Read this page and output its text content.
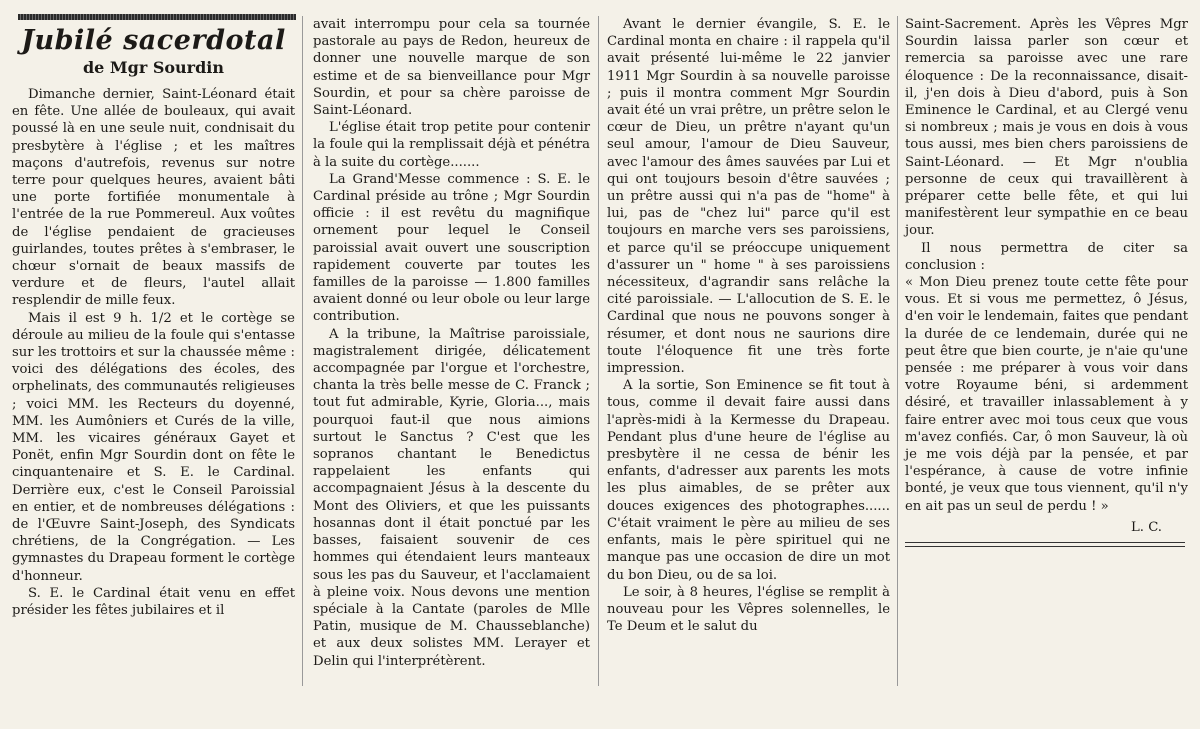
Jubilé sacerdotal
de Mgr Sourdin

Dimanche dernier, Saint-Léonard était en fête. Une allée de bouleaux, qui avait poussé là en une seule nuit, condnisait du presbytère à l'église ; et les maîtres maçons d'autrefois, revenus sur notre terre pour quelques heures, avaient bâti une porte fortifiée monumentale à l'entrée de la rue Pommereul. Aux voûtes de l'église pendaient de gracieuses guirlandes, toutes prêtes à s'embraser, le chœur s'ornait de beaux massifs de verdure et de fleurs, l'autel allait resplendir de mille feux.

Mais il est 9 h. 1/2 et le cortège se déroule au milieu de la foule qui s'entasse sur les trottoirs et sur la chaussée même : voici des délégations des écoles, des orphelinats, des communautés religieuses ; voici MM. les Recteurs du doyenné, MM. les Aumôniers et Curés de la ville, MM. les vicaires généraux Gayet et Ponët, enfin Mgr Sourdin dont on fête le cinquantenaire et S. E. le Cardinal. Derrière eux, c'est le Conseil Paroissial en entier, et de nombreuses délégations : de l'Œuvre Saint-Joseph, des Syndicats chrétiens, de la Congrégation. — Les gymnastes du Drapeau forment le cortège d'honneur.

S. E. le Cardinal était venu en effet présider les fêtes jubilaires et il

avait interrompu pour cela sa tournée pastorale au pays de Redon, heureux de donner une nouvelle marque de son estime et de sa bienveillance pour Mgr Sourdin, et pour sa chère paroisse de Saint-Léonard.

L'église était trop petite pour contenir la foule qui la remplissait déjà et pénétra à la suite du cortège.......

La Grand'Messe commence : S. E. le Cardinal préside au trône ; Mgr Sourdin officie : il est revêtu du magnifique ornement pour lequel le Conseil paroissial avait ouvert une souscription rapidement couverte par toutes les familles de la paroisse — 1.800 familles avaient donné ou leur obole ou leur large contribution.

A la tribune, la Maîtrise paroissiale, magistralement dirigée, délicatement accompagnée par l'orgue et l'orchestre, chanta la très belle messe de C. Franck ; tout fut admirable, Kyrie, Gloria..., mais pourquoi faut-il que nous aimions surtout le Sanctus ? C'est que les sopranos chantant le Benedictus rappelaient les enfants qui accompagnaient Jésus à la descente du Mont des Oliviers, et que les puissants hosannas dont il était ponctué par les basses, faisaient souvenir de ces hommes qui étendaient leurs manteaux sous les pas du Sauveur, et l'acclamaient à pleine voix. Nous devons une mention spéciale à la Cantate (paroles de Mlle Patin, musique de M. Chausseblanche) et aux deux solistes MM. Lerayer et Delin qui l'interprétèrent.

Avant le dernier évangile, S. E. le Cardinal monta en chaire : il rappela qu'il avait présenté lui-même le 22 janvier 1911 Mgr Sourdin à sa nouvelle paroisse ; puis il montra comment Mgr Sourdin avait été un vrai prêtre, un prêtre selon le cœur de Dieu, un prêtre n'ayant qu'un seul amour, l'amour de Dieu Sauveur, avec l'amour des âmes sauvées par Lui et qui ont toujours besoin d'être sauvées ; un prêtre aussi qui n'a pas de "home" à lui, pas de "chez lui" parce qu'il est toujours en marche vers ses paroissiens, et parce qu'il se préoccupe uniquement d'assurer un " home " à ses paroissiens nécessiteux, d'agrandir sans relâche la cité paroissiale. — L'allocution de S. E. le Cardinal que nous ne pouvons songer à résumer, et dont nous ne saurions dire toute l'éloquence fit une très forte impression.

A la sortie, Son Eminence se fit tout à tous, comme il devait faire aussi dans l'après-midi à la Kermesse du Drapeau. Pendant plus d'une heure de l'église au presbytère il ne cessa de bénir les enfants, d'adresser aux parents les mots les plus aimables, de se prêter aux douces exigences des photographes...... C'était vraiment le père au milieu de ses enfants, mais le père spirituel qui ne manque pas une occasion de dire un mot du bon Dieu, ou de sa loi.

Le soir, à 8 heures, l'église se remplit à nouveau pour les Vêpres solennelles, le Te Deum et le salut du

Saint-Sacrement. Après les Vêpres Mgr Sourdin laissa parler son cœur et remercia sa paroisse avec une rare éloquence : De la reconnaissance, disait-il, j'en dois à Dieu d'abord, puis à Son Eminence le Cardinal, et au Clergé venu si nombreux ; mais je vous en dois à vous tous aussi, mes bien chers paroissiens de Saint-Léonard. — Et Mgr n'oublia personne de ceux qui travaillèrent à préparer cette belle fête, et qui lui manifestèrent leur sympathie en ce beau jour.

Il nous permettra de citer sa conclusion :

« Mon Dieu prenez toute cette fête pour vous. Et si vous me permettez, ô Jésus, d'en voir le lendemain, faites que pendant la durée de ce lendemain, durée qui ne peut être que bien courte, je n'aie qu'une pensée : me préparer à vous voir dans votre Royaume béni, si ardemment désiré, et travailler inlassablement à y faire entrer avec moi tous ceux que vous m'avez confiés. Car, ô mon Sauveur, là où je me vois déjà par la pensée, et par l'espérance, à cause de votre infinie bonté, je veux que tous viennent, qu'il n'y en ait pas un seul de perdu ! »

L. C.
